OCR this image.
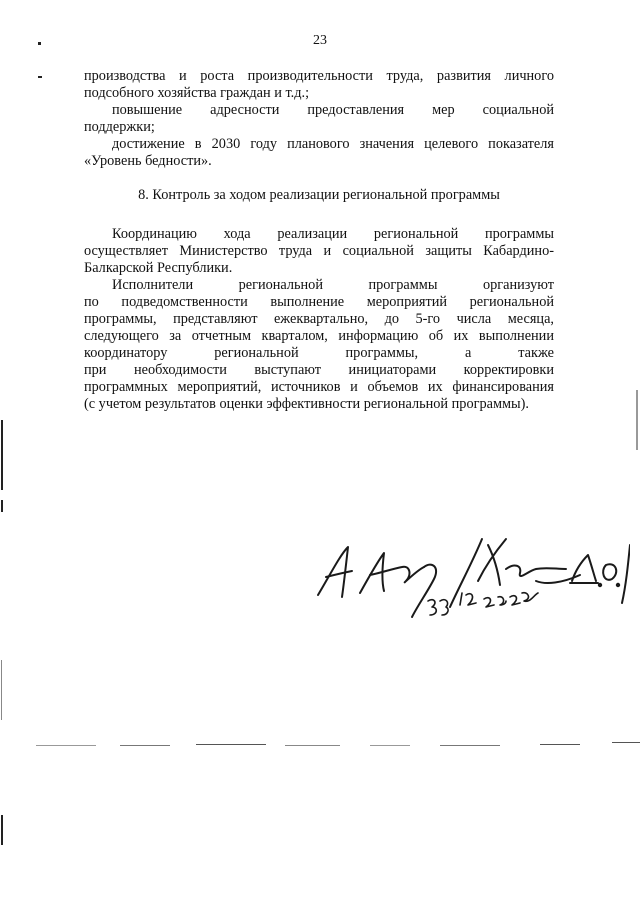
23
производства и роста производительности труда, развития личного
подсобного хозяйства граждан и т.д.;
повышение адресности предоставления мер социальной
поддержки;
достижение в 2030 году планового значения целевого показателя
«Уровень бедности».
8. Контроль за ходом реализации региональной программы
Координацию хода реализации региональной программы
осуществляет Министерство труда и социальной защиты Кабардино-
Балкарской Республики.
Исполнители региональной программы организуют
по подведомственности выполнение мероприятий региональной
программы, представляют ежеквартально, до 5-го числа месяца,
следующего за отчетным кварталом, информацию об их выполнении
координатору региональной программы, а также
при необходимости выступают инициаторами корректировки
программных мероприятий, источников и объемов их финансирования
(с учетом результатов оценки эффективности региональной программы).
